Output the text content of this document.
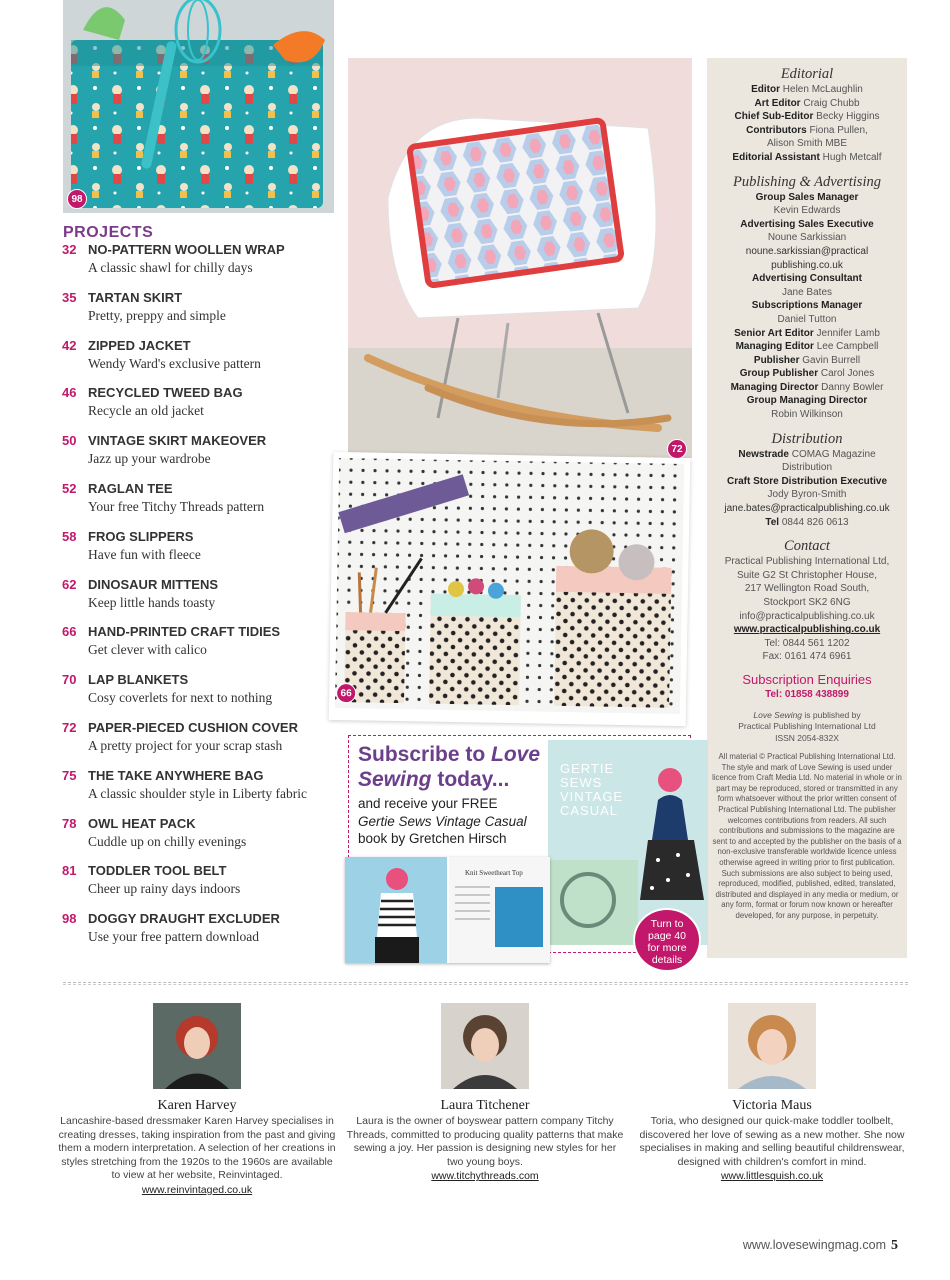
98
PROJECTS
32 NO-PATTERN WOOLLEN WRAP
A classic shawl for chilly days
35 TARTAN SKIRT
Pretty, preppy and simple
42 ZIPPED JACKET
Wendy Ward's exclusive pattern
46 RECYCLED TWEED BAG
Recycle an old jacket
50 VINTAGE SKIRT MAKEOVER
Jazz up your wardrobe
52 RAGLAN TEE
Your free Titchy Threads pattern
58 FROG SLIPPERS
Have fun with fleece
62 DINOSAUR MITTENS
Keep little hands toasty
66 HAND-PRINTED CRAFT TIDIES
Get clever with calico
70 LAP BLANKETS
Cosy coverlets for next to nothing
72 PAPER-PIECED CUSHION COVER
A pretty project for your scrap stash
75 THE TAKE ANYWHERE BAG
A classic shoulder style in Liberty fabric
78 OWL HEAT PACK
Cuddle up on chilly evenings
81 TODDLER TOOL BELT
Cheer up rainy days indoors
98 DOGGY DRAUGHT EXCLUDER
Use your free pattern download
72
66
Editorial
Editor Helen McLaughlin
Art Editor Craig Chubb
Chief Sub-Editor Becky Higgins
Contributors Fiona Pullen,
Alison Smith MBE
Editorial Assistant Hugh Metcalf
Publishing & Advertising
Group Sales Manager
Kevin Edwards
Advertising Sales Executive
Noune Sarkissian
noune.sarkissian@practical
publishing.co.uk
Advertising Consultant
Jane Bates
Subscriptions Manager
Daniel Tutton
Senior Art Editor Jennifer Lamb
Managing Editor Lee Campbell
Publisher Gavin Burrell
Group Publisher Carol Jones
Managing Director Danny Bowler
Group Managing Director
Robin Wilkinson
Distribution
Newstrade COMAG Magazine
Distribution
Craft Store Distribution Executive
Jody Byron-Smith
jane.bates@practicalpublishing.co.uk
Tel 0844 826 0613
Contact
Practical Publishing International Ltd,
Suite G2 St Christopher House,
217 Wellington Road South,
Stockport SK2 6NG
info@practicalpublishing.co.uk
www.practicalpublishing.co.uk
Tel: 0844 561 1202
Fax: 0161 474 6961
Subscription Enquiries
Tel: 01858 438899
Love Sewing is published by
Practical Publishing International Ltd
ISSN 2054-832X
All material © Practical Publishing International Ltd. The style and mark of Love Sewing is used under licence from Craft Media Ltd. No material in whole or in part may be reproduced, stored or transmitted in any form whatsoever without the prior written consent of Practical Publishing International Ltd. The publisher welcomes contributions from readers. All such contributions and submissions to the magazine are sent to and accepted by the publisher on the basis of a non-exclusive transferable worldwide licence unless otherwise agreed in writing prior to first publication. Such submissions are also subject to being used, reproduced, modified, published, edited, translated, distributed and displayed in any media or medium, or any form, format or forum now known or hereafter developed, for any purpose, in perpetuity.
Subscribe to Love
Sewing today...
and receive your FREE
Gertie Sews Vintage Casual
book by Gretchen Hirsch
GERTIE SEWS VINTAGE CASUAL
Knit Sweetheart Top
Turn to page 40 for more details
Karen Harvey
Lancashire-based dressmaker Karen Harvey specialises in creating dresses, taking inspiration from the past and giving them a modern interpretation. A selection of her creations in styles stretching from the 1920s to the 1960s are available to view at her website, Reinvintaged.
www.reinvintaged.co.uk
Laura Titchener
Laura is the owner of boyswear pattern company Titchy Threads, committed to producing quality patterns that make sewing a joy. Her passion is designing new styles for her two young boys.
www.titchythreads.com
Victoria Maus
Toria, who designed our quick-make toddler toolbelt, discovered her love of sewing as a new mother. She now specialises in making and selling beautiful childrenswear, designed with children's comfort in mind.
www.littlesquish.co.uk
www.lovesewingmag.com 5
